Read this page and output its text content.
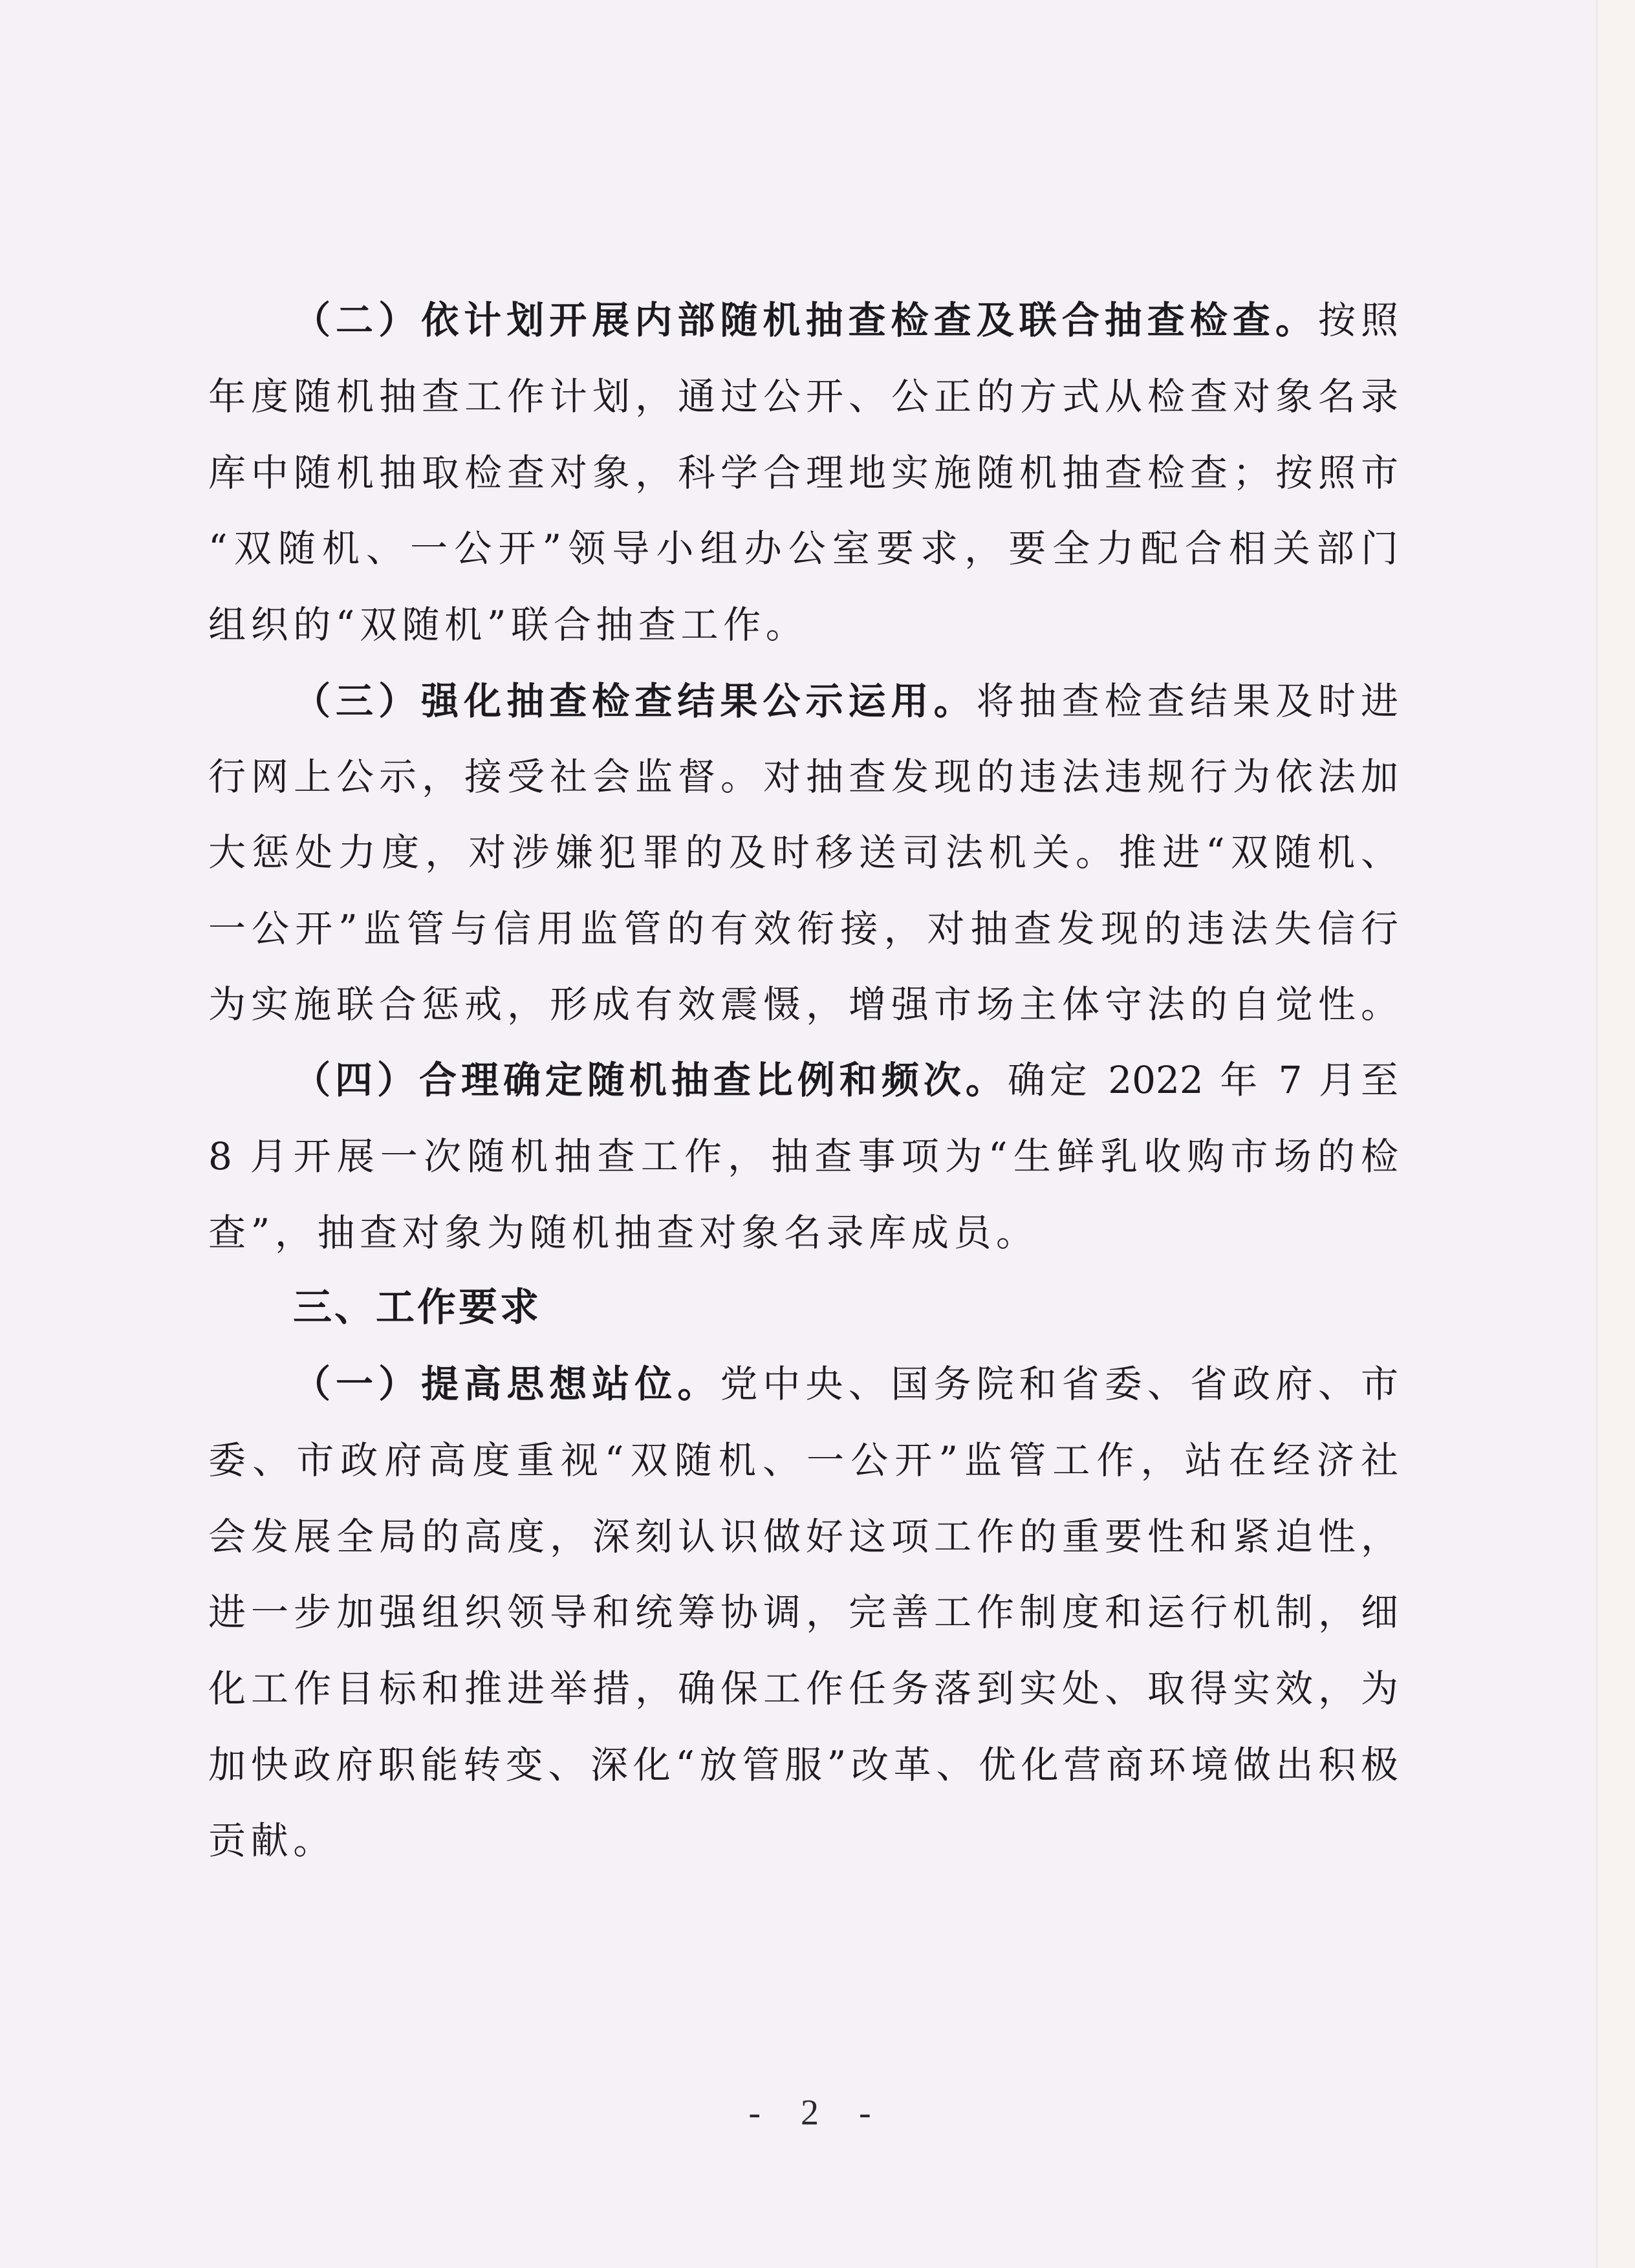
（二）依计划开展内部随机抽查检查及联合抽查检查。按照
年度随机抽查工作计划，通过公开、公正的方式从检查对象名录
库中随机抽取检查对象，科学合理地实施随机抽查检查；按照市
“双随机、一公开”领导小组办公室要求，要全力配合相关部门
组织的“双随机”联合抽查工作。
（三）强化抽查检查结果公示运用。将抽查检查结果及时进
行网上公示，接受社会监督。对抽查发现的违法违规行为依法加
大惩处力度，对涉嫌犯罪的及时移送司法机关。推进“双随机、
一公开”监管与信用监管的有效衔接，对抽查发现的违法失信行
为实施联合惩戒，形成有效震慑，增强市场主体守法的自觉性。
（四）合理确定随机抽查比例和频次。确定 2022 年 7 月至
8 月开展一次随机抽查工作，抽查事项为“生鲜乳收购市场的检
查”，抽查对象为随机抽查对象名录库成员。
三、工作要求
（一）提高思想站位。党中央、国务院和省委、省政府、市
委、市政府高度重视“双随机、一公开”监管工作，站在经济社
会发展全局的高度，深刻认识做好这项工作的重要性和紧迫性，
进一步加强组织领导和统筹协调，完善工作制度和运行机制，细
化工作目标和推进举措，确保工作任务落到实处、取得实效，为
加快政府职能转变、深化“放管服”改革、优化营商环境做出积极
贡献。
- 2 -
